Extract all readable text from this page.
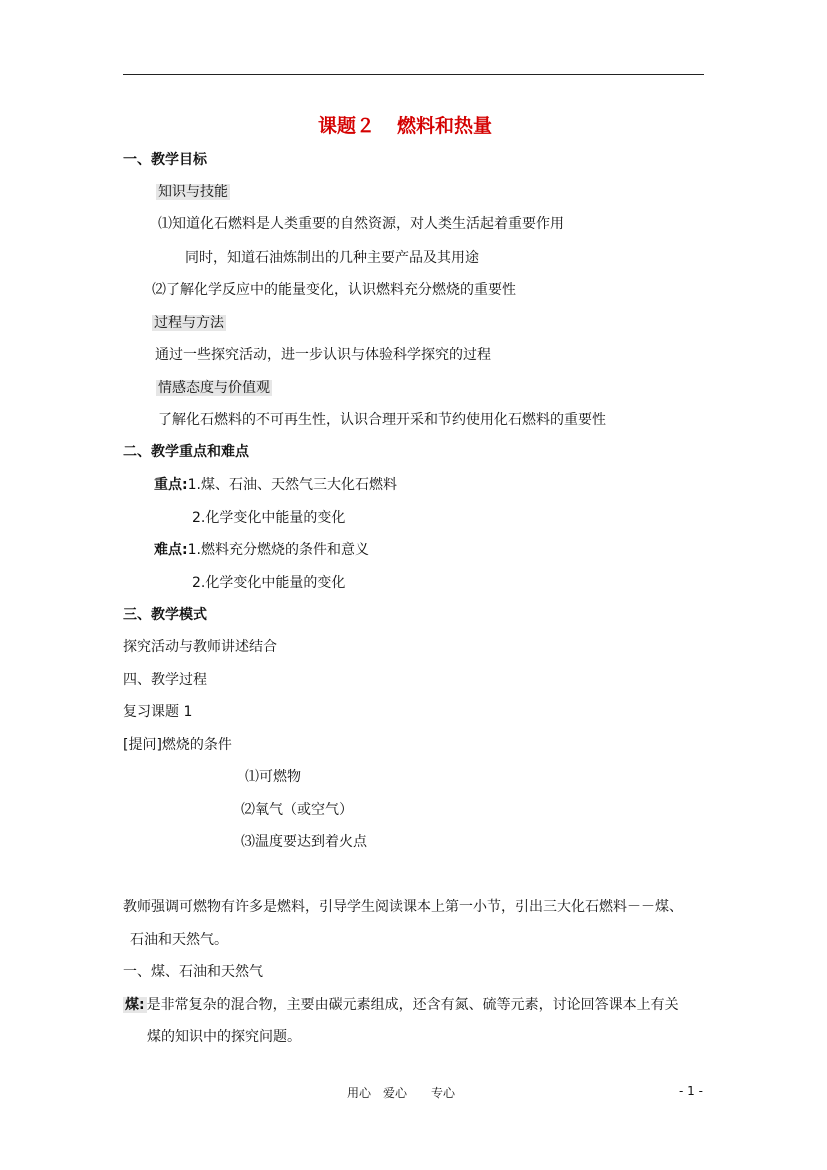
课题２ 燃料和热量
一、教学目标
知识与技能
⑴知道化石燃料是人类重要的自然资源，对人类生活起着重要作用
同时，知道石油炼制出的几种主要产品及其用途
⑵了解化学反应中的能量变化，认识燃料充分燃烧的重要性
过程与方法
通过一些探究活动，进一步认识与体验科学探究的过程
情感态度与价值观
了解化石燃料的不可再生性，认识合理开采和节约使用化石燃料的重要性
二、教学重点和难点
重点:1.煤、石油、天然气三大化石燃料
2.化学变化中能量的变化
难点:1.燃料充分燃烧的条件和意义
2.化学变化中能量的变化
三、教学模式
探究活动与教师讲述结合
四、教学过程
复习课题 1
[提问]燃烧的条件
⑴可燃物
⑵氧气（或空气）
⑶温度要达到着火点
教师强调可燃物有许多是燃料，引导学生阅读课本上第一小节，引出三大化石燃料－－煤、
石油和天然气。
一、煤、石油和天然气
煤: 是非常复杂的混合物，主要由碳元素组成，还含有氮、硫等元素，讨论回答课本上有关
煤的知识中的探究问题。
用心　爱心　　专心	- 1 -
